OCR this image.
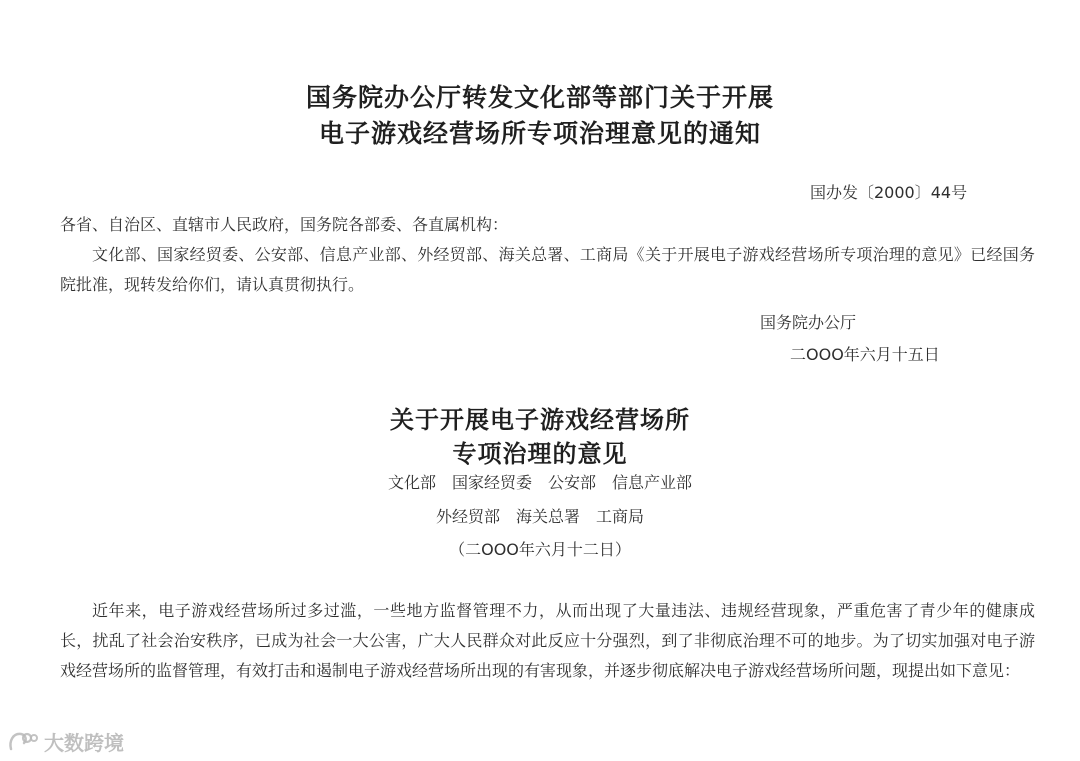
国务院办公厅转发文化部等部门关于开展
电子游戏经营场所专项治理意见的通知
国办发〔2000〕44号
各省、自治区、直辖市人民政府，国务院各部委、各直属机构：
文化部、国家经贸委、公安部、信息产业部、外经贸部、海关总署、工商局《关于开展电子游戏经营场所专项治理的意见》已经国务院批准，现转发给你们，请认真贯彻执行。
国务院办公厅
二OOO年六月十五日
关于开展电子游戏经营场所
专项治理的意见
文化部　国家经贸委　公安部　信息产业部
外经贸部　海关总署　工商局
（二OOO年六月十二日）
近年来，电子游戏经营场所过多过滥，一些地方监督管理不力，从而出现了大量违法、违规经营现象，严重危害了青少年的健康成长，扰乱了社会治安秩序，已成为社会一大公害，广大人民群众对此反应十分强烈，到了非彻底治理不可的地步。为了切实加强对电子游戏经营场所的监督管理，有效打击和遏制电子游戏经营场所出现的有害现象，并逐步彻底解决电子游戏经营场所问题，现提出如下意见：
大数跨境
